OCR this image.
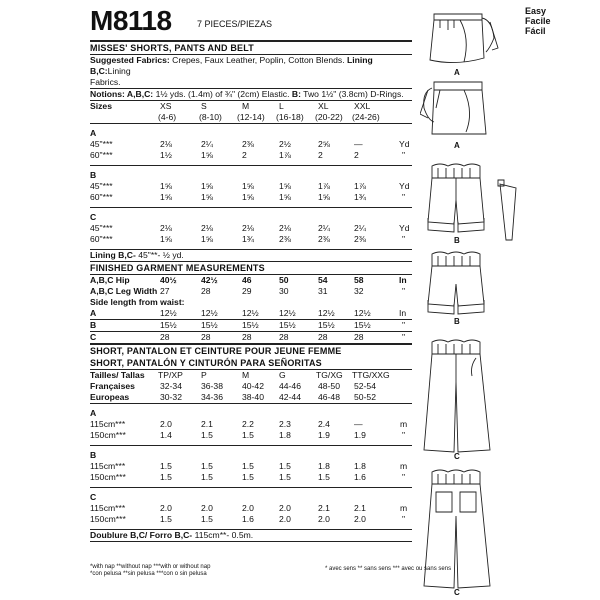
M8118	7 PIECES/PIEZAS
MISSES' SHORTS, PANTS AND BELT
Suggested Fabrics: Crepes, Faux Leather, Poplin, Cotton Blends. Lining B,C:Lining
Fabrics.
Notions: A,B,C: 1½ yds. (1.4m) of ¾" (2cm) Elastic. B: Two 1½" (3.8cm) D-Rings.
Sizes	XS	S	M	L	XL	XXL
(4-6)	(8-10) (12-14) (16-18) (20-22) (24-26)
A
45"***	2⅛	2¼	2⅜	2½	2⅝	—	Yd
60"***	1½	1⅝	2	1⅞	2	2	"
B
45"***	1⅝	1⅝	1⅝	1⅝	1⅞	1⅞	Yd
60"***	1⅝	1⅝	1⅝	1⅝	1⅝	1¾	"
C
45"***	2⅛	2⅛	2⅛	2⅛	2¼	2¼	Yd
60"***	1⅝	1⅝	1¾	2⅜	2⅜	2⅜	"
Lining B,C- 45"**- ½ yd.
FINISHED GARMENT MEASUREMENTS
A,B,C Hip	40½	42½	46	50	54	58	In
A,B,C Leg Width 27	28	29	30	31	32	"
Side length from waist:
A	12½	12½	12½ 12½	12½ 12½	In
B	15½	15½	15½ 15½	15½ 15½	"
C	28	28	28	28	28	28	"
SHORT, PANTALON ET CEINTURE POUR JEUNE FEMME
SHORT, PANTALÓN Y CINTURÓN PARA SEÑORITAS
Tailles/ Tallas TP/XP P	M	G	TG/XG TTG/XXG
Françaises	32-34 36-38 40-42 44-46 48-50 52-54
Europeas	30-32 34-36 38-40 42-44 46-48 50-52
A
115cm***	2.0	2.1	2.2	2.3	2.4	—	m
150cm***	1.4	1.5	1.5	1.8	1.9	1.9	"
B
115cm***	1.5	1.5	1.5	1.5	1.8	1.8	m
150cm***	1.5	1.5	1.5	1.5	1.5	1.6	"
C
115cm***	2.0	2.0	2.0	2.0	2.1	2.1	m
150cm***	1.5	1.5	1.6	2.0	2.0	2.0	"
Doublure B,C/ Forro B,C- 115cm**- 0.5m.
*with nap **without nap ***with or without nap
*con pelusa **sin pelusa ***con o sin pelusa
* avec sens ** sans sens *** avec ou sans sens
Easy
Facile
Fácil
A
A
B
B
C
C
